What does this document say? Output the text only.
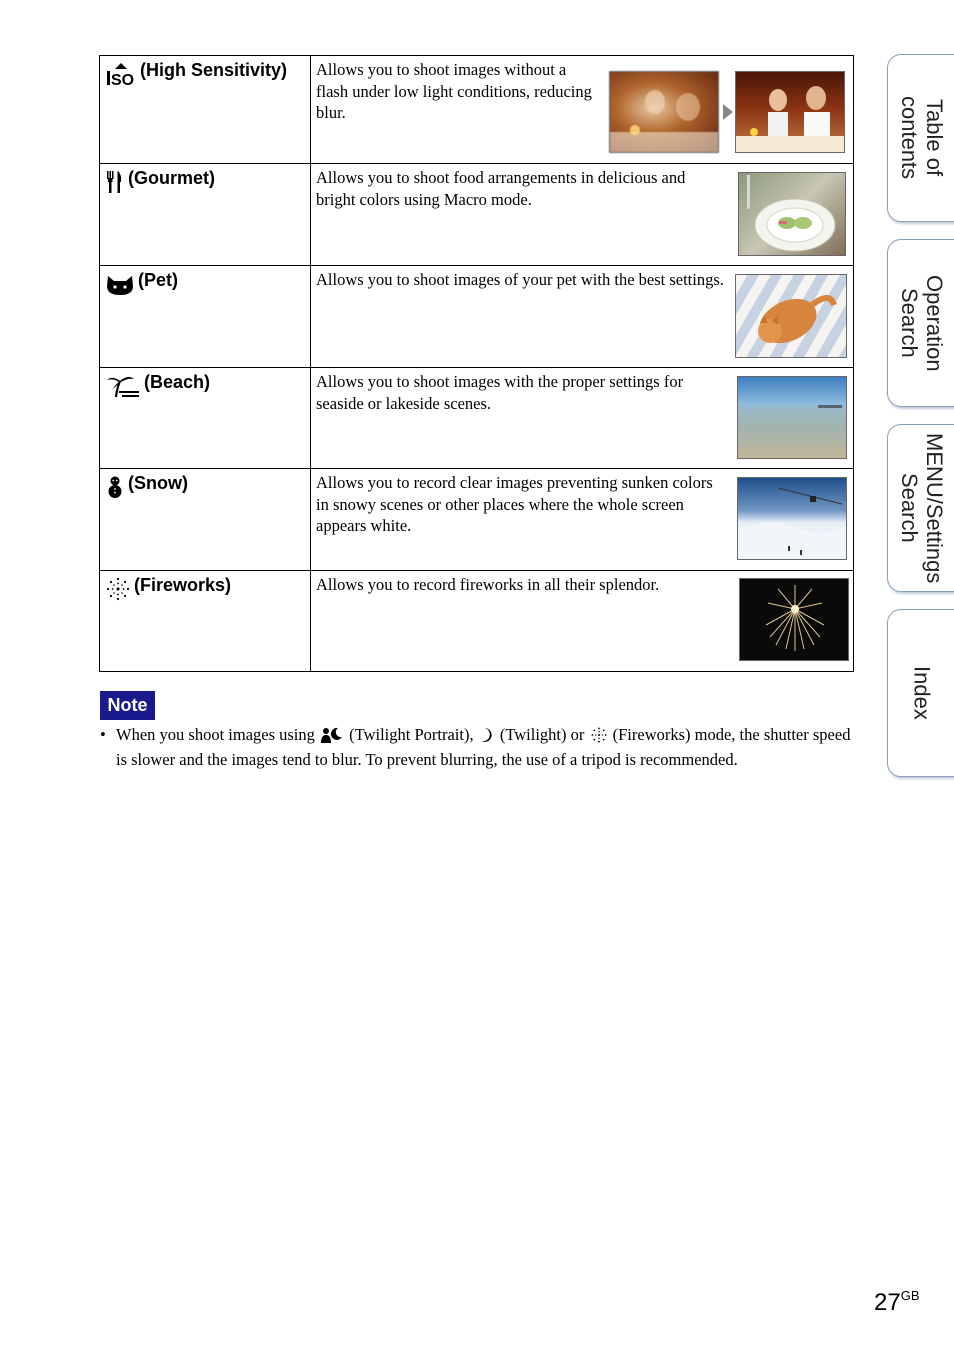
SO
(High Sensitivity)	Allows you to shoot images without a flash under low light conditions, reducing blur.

(Gourmet)	Allows you to shoot food arrangements in delicious and bright colors using Macro mode.

(Pet)	Allows you to shoot images of your pet with the best settings.

(Beach)	Allows you to shoot images with the proper settings for seaside or lakeside scenes.

(Snow)	Allows you to record clear images preventing sunken colors in snowy scenes or other places where the whole screen appears white.

(Fireworks)	Allows you to record fireworks in all their splendor.
Note
• When you shoot images using (Twilight Portrait), (Twilight) or (Fireworks) mode, the shutter speed is slower and the images tend to blur. To prevent blurring, the use of a tripod is recommended.
Table of
contents
Operation
Search
MENU/Settings
Search
Index
$27^{GB}$
